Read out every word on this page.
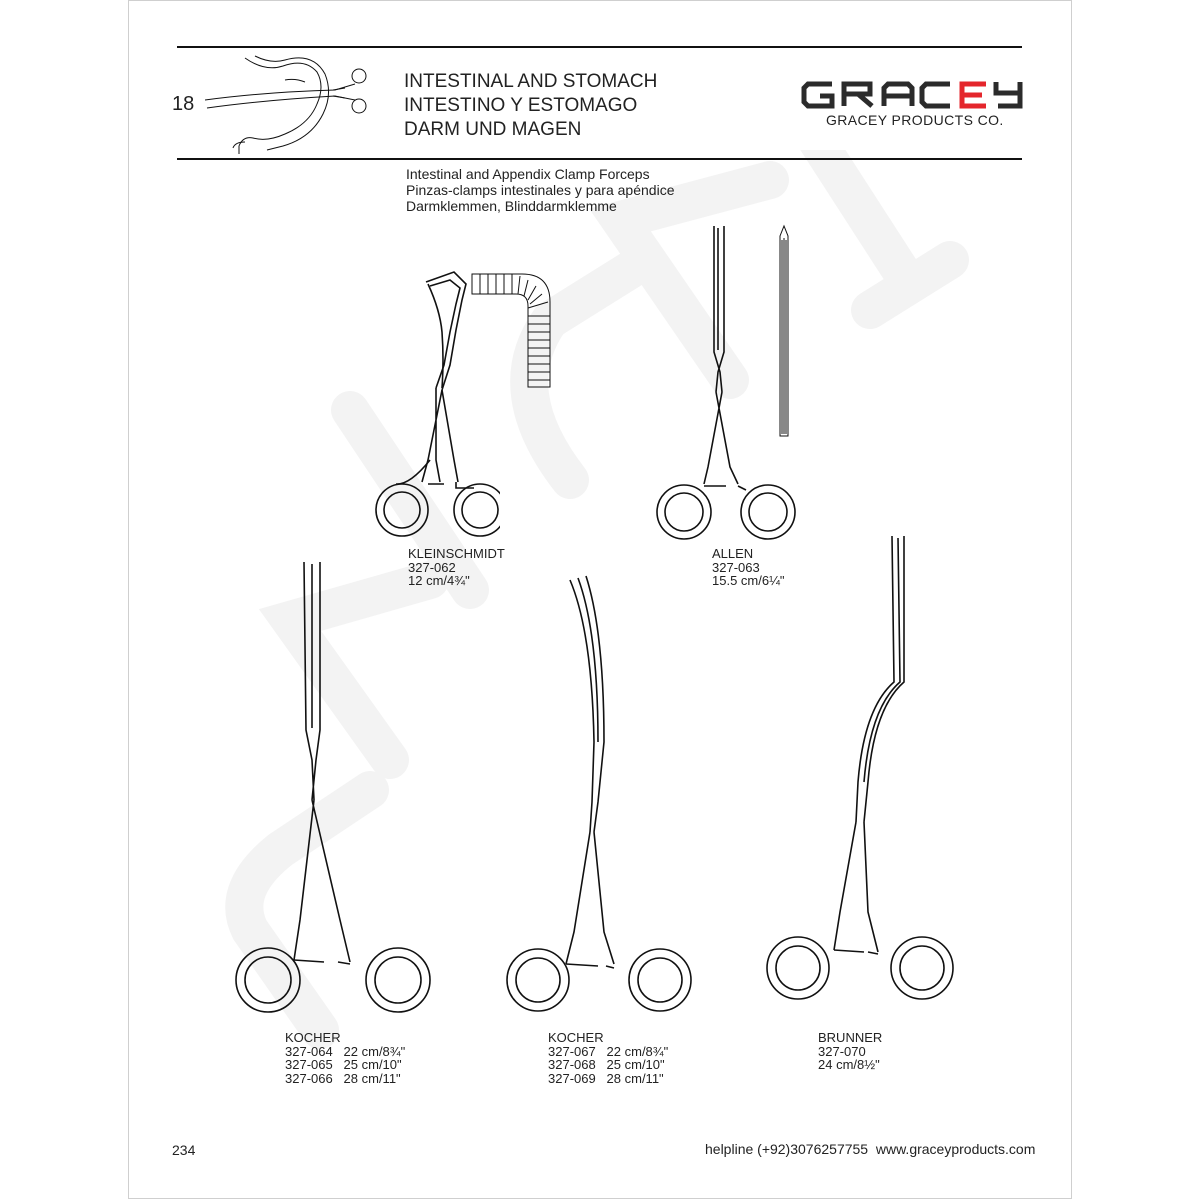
18
INTESTINAL AND STOMACH
INTESTINO Y ESTOMAGO
DARM UND MAGEN	GRACEY PRODUCTS CO.
Intestinal and Appendix Clamp Forceps
Pinzas-clamps intestinales y para apéndice
Darmklemmen, Blinddarmklemme
KLEINSCHMIDT
327-062
12 cm/4¾"
ALLEN
327-063
15.5 cm/6¼"
KOCHER
327-064   22 cm/8¾"
327-065   25 cm/10"
327-066   28 cm/11"
KOCHER
327-067   22 cm/8¾"
327-068   25 cm/10"
327-069   28 cm/11"
BRUNNER
327-070
24 cm/8½"
234	helpline (+92)3076257755  www.graceyproducts.com
